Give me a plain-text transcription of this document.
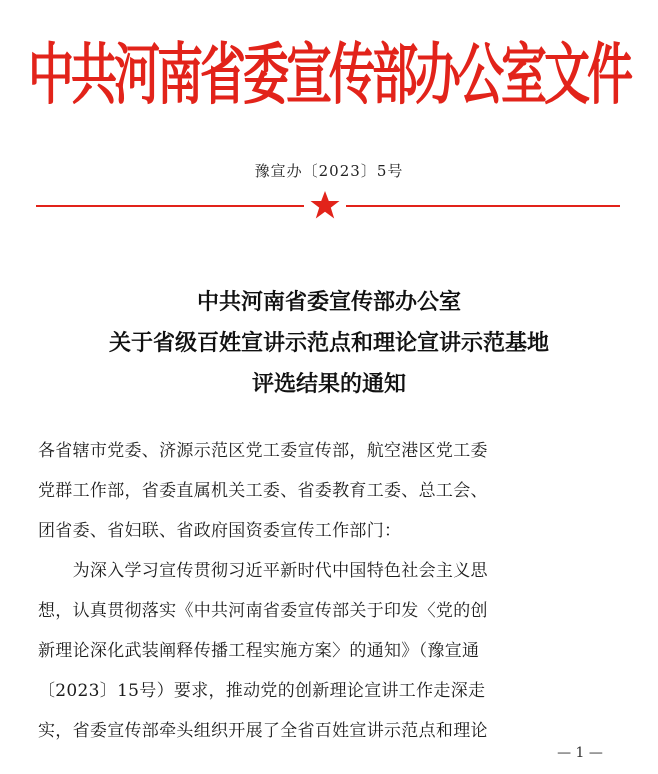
中共河南省委宣传部办公室文件
豫宣办〔2023〕5号
中共河南省委宣传部办公室
关于省级百姓宣讲示范点和理论宣讲示范基地
评选结果的通知
各省辖市党委、济源示范区党工委宣传部，航空港区党工委
党群工作部，省委直属机关工委、省委教育工委、总工会、
团省委、省妇联、省政府国资委宣传工作部门：
　　为深入学习宣传贯彻习近平新时代中国特色社会主义思
想，认真贯彻落实《中共河南省委宣传部关于印发〈党的创
新理论深化武装阐释传播工程实施方案〉的通知》（豫宣通
〔2023〕15号）要求，推动党的创新理论宣讲工作走深走
实，省委宣传部牵头组织开展了全省百姓宣讲示范点和理论
— 1 —
